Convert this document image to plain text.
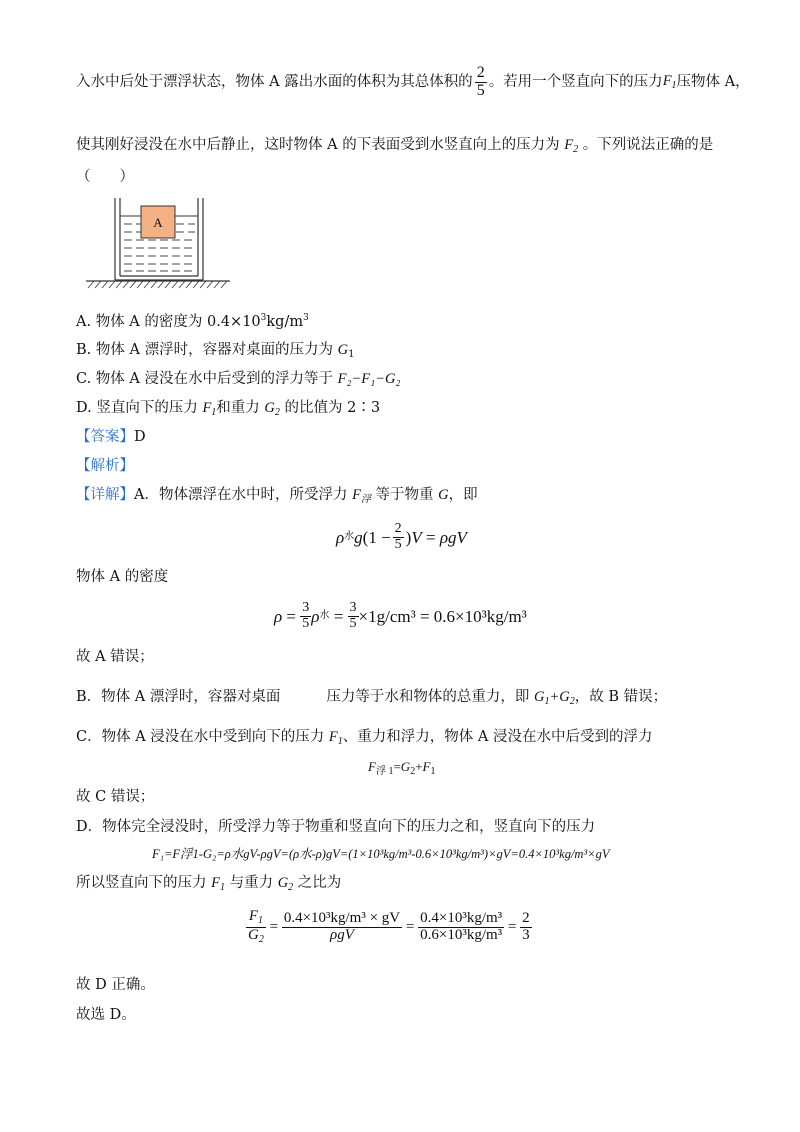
入水中后处于漂浮状态，物体 A 露出水面的体积为其总体积的 $\frac{2}{5}$ 。若用一个竖直向下的压力 $F_1$ 压物体 A，
使其刚好浸没在水中后静止，这时物体 A 的下表面受到水竖直向上的压力为 $F_2$ 。下列说法正确的是
（　　）
A
A. 物体 A 的密度为 $0.4\times 10^3kg/m^3$
B. 物体 A 漂浮时，容器对桌面的压力为 $G_1$
C. 物体 A 浸没在水中后受到的浮力等于 F₂−F₁−G₂
D. 竖直向下的压力 $F_1$和重力 $G_2$ 的比值为 2∶3
【答案】D
【解析】
【详解】A．物体漂浮在水中时，所受浮力 $F_浮$ 等于物重 G，即
ρ 水 g ($1 - \frac{2}{5}$ ) V = ρgV
物体 A 的密度
$\rho = \frac{3}{5}$ ρ 水 = $\frac{3}{5} \times 1g/cm^3 = 0.6\times 10^3kg/m^3$
故 A 错误；
B．物体 A 漂浮时，容器对桌面	压力等于水和物体的总重力，即 $G_1+G_2$，故 B 错误；
C．物体 A 浸没在水中受到向下的压力 $F_1$、重力和浮力，物体 A 浸没在水中后受到的浮力
$F_{浮 1}=G_2+F_1$
故 C 错误；
D．物体完全浸没时，所受浮力等于物重和竖直向下的压力之和，竖直向下的压力
F₁=F浮1-G₂=ρ水gV-ρgV=(ρ水-ρ)gV=(1×10³kg/m³-0.6×10³kg/m³)×gV=0.4×10³kg/m³×gV
所以竖直向下的压力 $F_1$ 与重力 $G_2$ 之比为
$\frac{F_1}{G_2} = \frac{\text{0.4×10³kg/m³ × gV}}{\text{ρgV}} = \frac{\text{0.4×10³kg/m³}}{\text{0.6×10³kg/m³}} = \frac{2}{3}$
故 D 正确。
故选 D。
